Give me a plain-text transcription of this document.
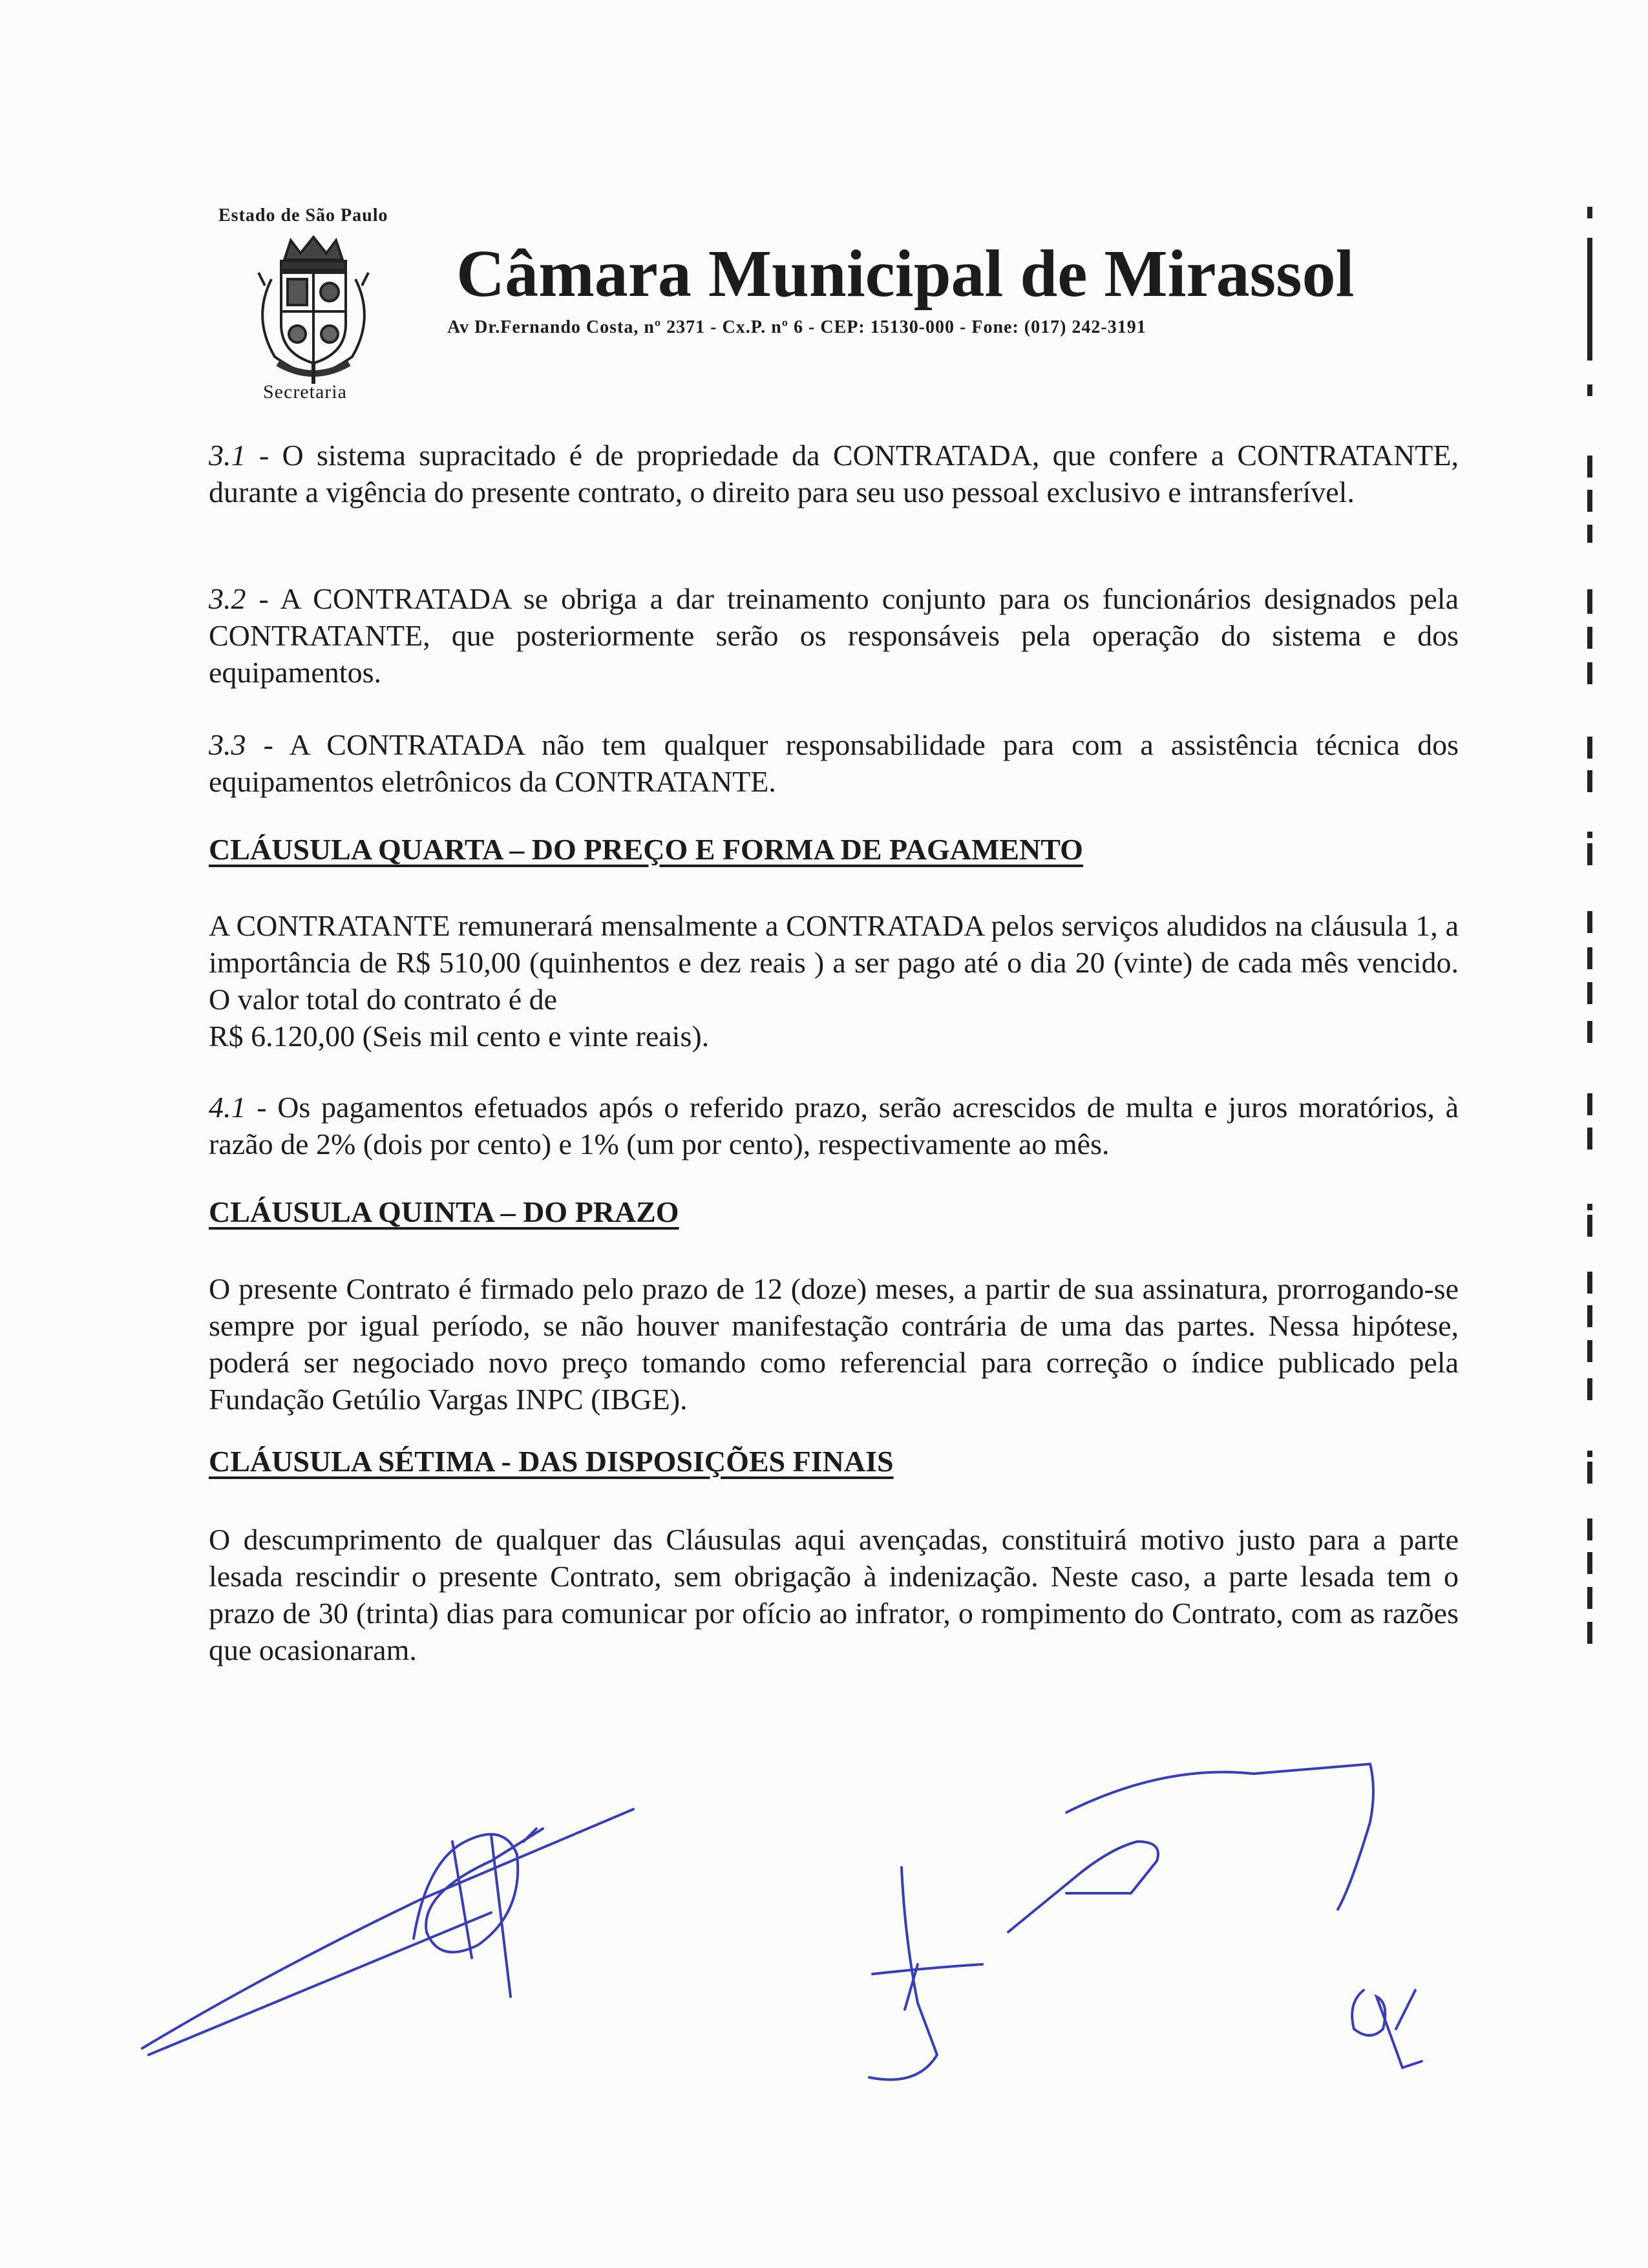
Estado de São Paulo
Secretaria
Câmara Municipal de Mirassol
Av Dr.Fernando Costa, nº 2371 - Cx.P. nº 6 - CEP: 15130-000 - Fone: (017) 242-3191

3.1 - O sistema supracitado é de propriedade da CONTRATADA, que confere a CONTRATANTE, durante a vigência do presente contrato, o direito para seu uso pessoal exclusivo e intransferível.

3.2 - A CONTRATADA se obriga a dar treinamento conjunto para os funcionários designados pela CONTRATANTE, que posteriormente serão os responsáveis pela operação do sistema e dos equipamentos.

3.3 - A CONTRATADA não tem qualquer responsabilidade para com a assistência técnica dos equipamentos eletrônicos da CONTRATANTE.

CLÁUSULA QUARTA – DO PREÇO E FORMA DE PAGAMENTO

A CONTRATANTE remunerará mensalmente a CONTRATADA pelos serviços aludidos na cláusula 1, a importância de R$ 510,00 (quinhentos e dez reais ) a ser pago até o dia 20 (vinte) de cada mês vencido. O valor total do contrato é de

R$ 6.120,00 (Seis mil cento e vinte reais).

4.1 - Os pagamentos efetuados após o referido prazo, serão acrescidos de multa e juros moratórios, à razão de 2% (dois por cento) e 1% (um por cento), respectivamente ao mês.

CLÁUSULA QUINTA – DO PRAZO

O presente Contrato é firmado pelo prazo de 12 (doze) meses, a partir de sua assinatura, prorrogando-se sempre por igual período, se não houver manifestação contrária de uma das partes. Nessa hipótese, poderá ser negociado novo preço tomando como referencial para correção o índice publicado pela Fundação Getúlio Vargas INPC (IBGE).

CLÁUSULA SÉTIMA - DAS DISPOSIÇÕES FINAIS

O descumprimento de qualquer das Cláusulas aqui avençadas, constituirá motivo justo para a parte lesada rescindir o presente Contrato, sem obrigação à indenização. Neste caso, a parte lesada tem o prazo de 30 (trinta) dias para comunicar por ofício ao infrator, o rompimento do Contrato, com as razões que ocasionaram.
